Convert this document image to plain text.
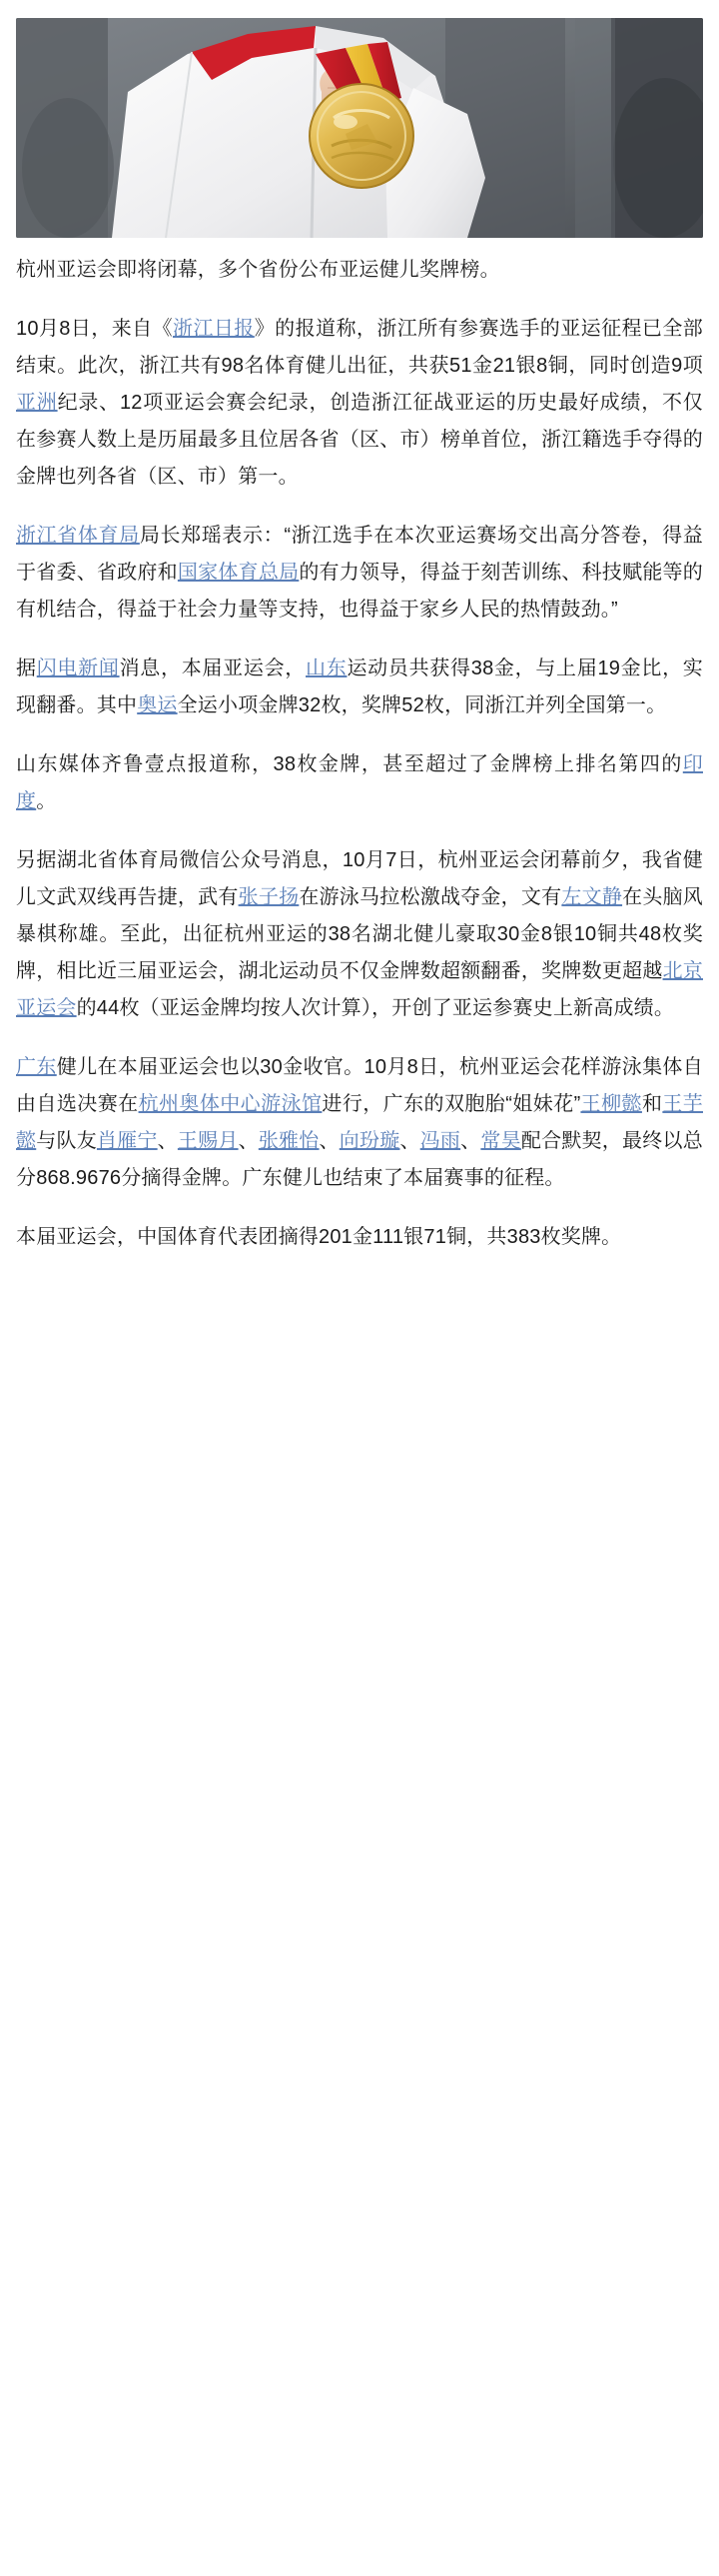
杭州亚运会即将闭幕，多个省份公布亚运健儿奖牌榜。

10月8日，来自《浙江日报》的报道称，浙江所有参赛选手的亚运征程已全部结束。此次，浙江共有98名体育健儿出征，共获51金21银8铜，同时创造9项亚洲纪录、12项亚运会赛会纪录，创造浙江征战亚运的历史最好成绩，不仅在参赛人数上是历届最多且位居各省（区、市）榜单首位，浙江籍选手夺得的金牌也列各省（区、市）第一。

浙江省体育局局长郑瑶表示：“浙江选手在本次亚运赛场交出高分答卷，得益于省委、省政府和国家体育总局的有力领导，得益于刻苦训练、科技赋能等的有机结合，得益于社会力量等支持，也得益于家乡人民的热情鼓劲。”

据闪电新闻消息，本届亚运会，山东运动员共获得38金，与上届19金比，实现翻番。其中奥运全运小项金牌32枚，奖牌52枚，同浙江并列全国第一。

山东媒体齐鲁壹点报道称，38枚金牌，甚至超过了金牌榜上排名第四的印度。

另据湖北省体育局微信公众号消息，10月7日，杭州亚运会闭幕前夕，我省健儿文武双线再告捷，武有张子扬在游泳马拉松激战夺金，文有左文静在头脑风暴棋称雄。至此，出征杭州亚运的38名湖北健儿豪取30金8银10铜共48枚奖牌，相比近三届亚运会，湖北运动员不仅金牌数超额翻番，奖牌数更超越北京亚运会的44枚（亚运金牌均按人次计算），开创了亚运参赛史上新高成绩。

广东健儿在本届亚运会也以30金收官。10月8日，杭州亚运会花样游泳集体自由自选决赛在杭州奥体中心游泳馆进行，广东的双胞胎“姐妹花”王柳懿和王芋懿与队友肖雁宁、王赐月、张雅怡、向玢璇、冯雨、常昊配合默契，最终以总分868.9676分摘得金牌。广东健儿也结束了本届赛事的征程。

本届亚运会，中国体育代表团摘得201金111银71铜，共383枚奖牌。
